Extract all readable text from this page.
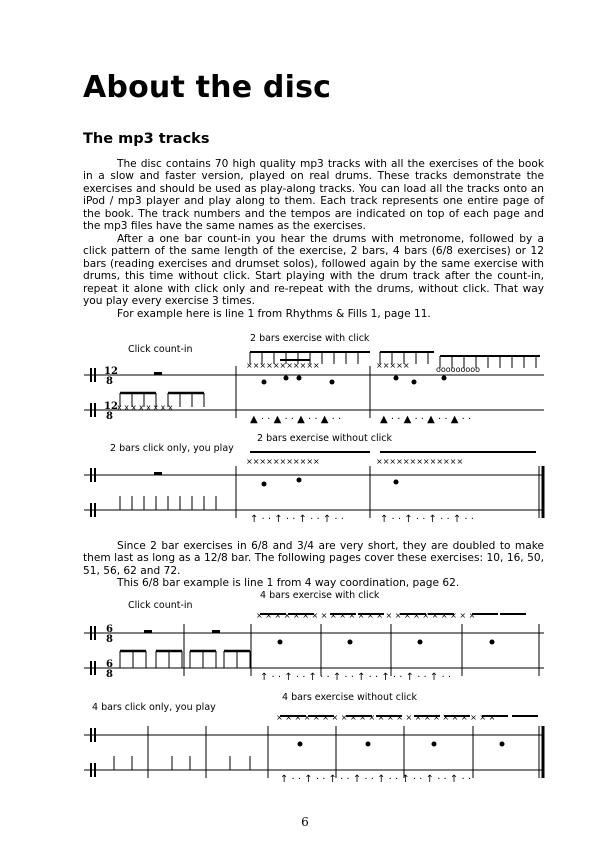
About the disc
The mp3 tracks

The disc contains 70 high quality mp3 tracks with all the exercises of the book in a slow and faster version, played on real drums. These tracks demonstrate the exercises and should be used as play-along tracks. You can load all the tracks onto an iPod / mp3 player and play along to them. Each track represents one entire page of the book. The track numbers and the tempos are indicated on top of each page and the mp3 files have the same names as the exercises.

After a one bar count-in you hear the drums with metronome, followed by a click pattern of the same length of the exercise, 2 bars, 4 bars (6/8 exercises) or 12 bars (reading exercises and drumset solos), followed again by the same exercise with drums, this time without click. Start playing with the drum track after the count-in, repeat it alone with click only and re-repeat with the drums, without click. That way you play every exercise 3 times.

For example here is line 1 from Rhythms & Fills 1, page 11.

Click count-in
2 bars exercise with click
12
8
12
8
x x x x x x x x
×××××××××××
▲ · · ▲ · · ▲ · · ▲ · ·
×××××	ooooooooo
▲ · · ▲ · · ▲ · · ▲ · ·
2 bars click only, you play
2 bars exercise without click
↑ · · ↑ · · ↑ · · ↑ · ·	↑ · · ↑ · · ↑ · · ↑ · ·
×××××××××××	×××××××××××××

Since 2 bar exercises in 6/8 and 3/4 are very short, they are doubled to make them last as long as a 12/8 bar. The following pages cover these exercises: 10, 16, 50, 51, 56, 62 and 72.

This 6/8 bar example is line 1 from 4 way coordination, page 62.

Click count-in
4 bars exercise with click
6
8
6
8
× × × × × × × × × × × × × × × × × × × × × × × ×
↑ · · ↑ · · ↑ · · ↑ · · ↑ · · ↑ · · ↑ · · ↑ · ·
4 bars click only, you play
4 bars exercise without click
× × × × × × × × × × × × × × × × × × × × × × × ×
↑ · · ↑ · · ↑ · · ↑ · · ↑ · · ↑ · · ↑ · · ↑ · ·
6
